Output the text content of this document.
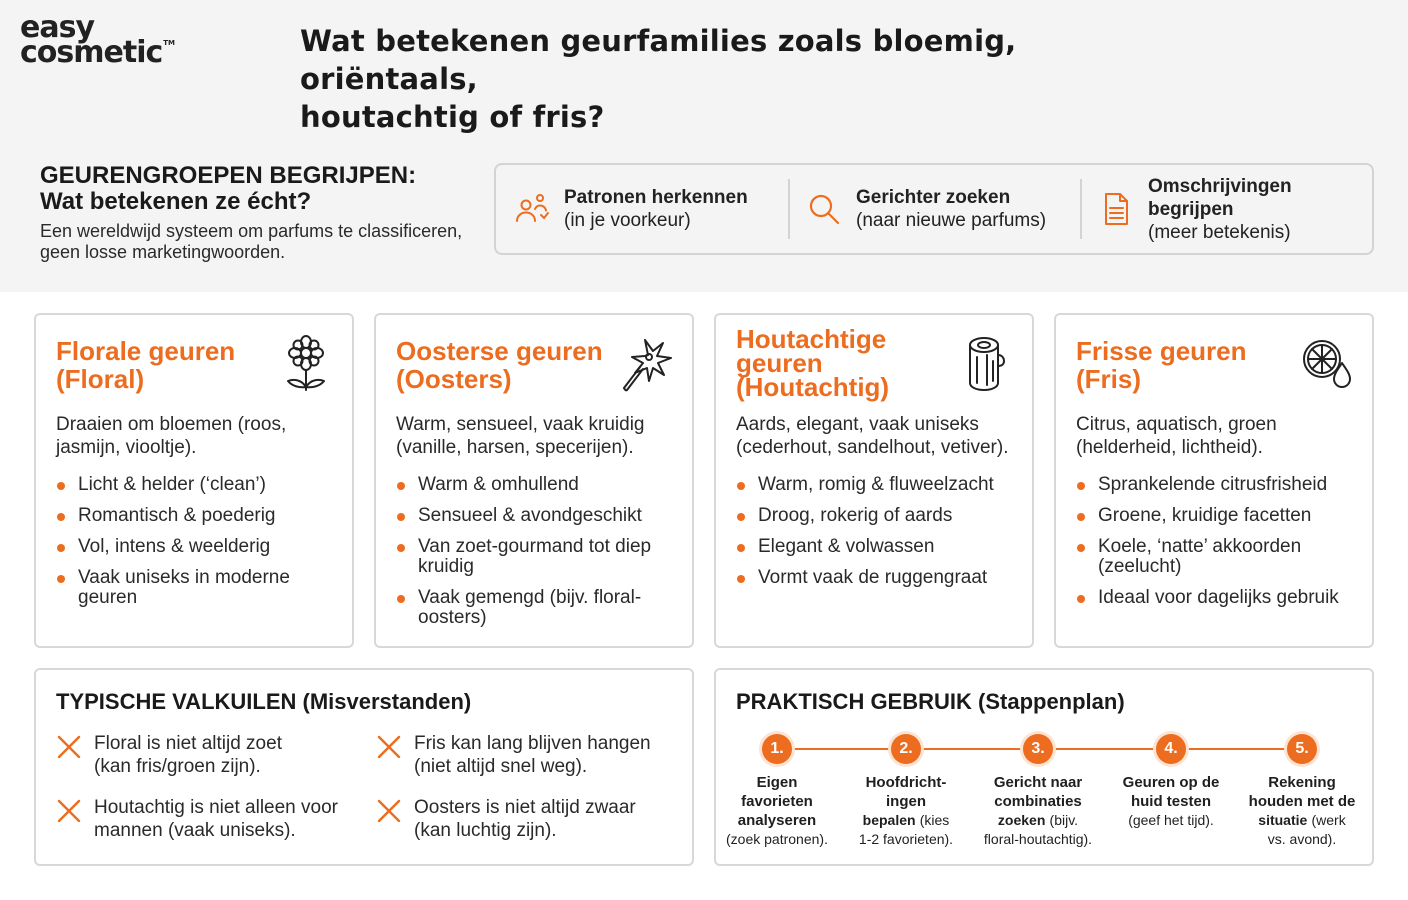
easy
cosmetic™	Wat betekenen geurfamilies zoals bloemig, oriëntaals,
houtachtig of fris?
GEURENGROEPEN BEGRIJPEN:
Wat betekenen ze écht?

Een wereldwijd systeem om parfums te classificeren, geen losse marketingwoorden.

Patronen herkennen
(in je voorkeur)
Gerichter zoeken
(naar nieuwe parfums)
Omschrijvingen begrijpen
(meer betekenis)
Florale geuren (Floral)
Draaien om bloemen (roos, jasmijn, viooltje).
Licht & helder (‘clean’)
Romantisch & poederig
Vol, intens & weelderig
Vaak uniseks in moderne geuren
Oosterse geuren (Oosters)
Warm, sensueel, vaak kruidig (vanille, harsen, specerijen).
Warm & omhullend
Sensueel & avondgeschikt
Van zoet-gourmand tot diep kruidig
Vaak gemengd (bijv. floral-oosters)
Houtachtige geuren (Houtachtig)
Aards, elegant, vaak uniseks (cederhout, sandelhout, vetiver).
Warm, romig & fluweelzacht
Droog, rokerig of aards
Elegant & volwassen
Vormt vaak de ruggengraat
Frisse geuren (Fris)
Citrus, aquatisch, groen (helderheid, lichtheid).
Sprankelende citrusfrisheid
Groene, kruidige facetten
Koele, ‘natte’ akkoorden (zeelucht)
Ideaal voor dagelijks gebruik
TYPISCHE VALKUILEN (Misverstanden)
Floral is niet altijd zoet
(kan fris/groen zijn).
Fris kan lang blijven hangen
(niet altijd snel weg).
Houtachtig is niet alleen voor
mannen (vaak uniseks).
Oosters is niet altijd zwaar
(kan luchtig zijn).
PRAKTISCH GEBRUIK (Stappenplan)
1.
Eigen
favorieten
analyseren
(zoek patronen).
2.
Hoofdricht-
ingen
bepalen (kies
1-2 favorieten).
3.
Gericht naar
combinaties
zoeken (bijv.
floral-houtachtig).
4.
Geuren op de
huid testen
(geef het tijd).
5.
Rekening
houden met de
situatie (werk
vs. avond).
